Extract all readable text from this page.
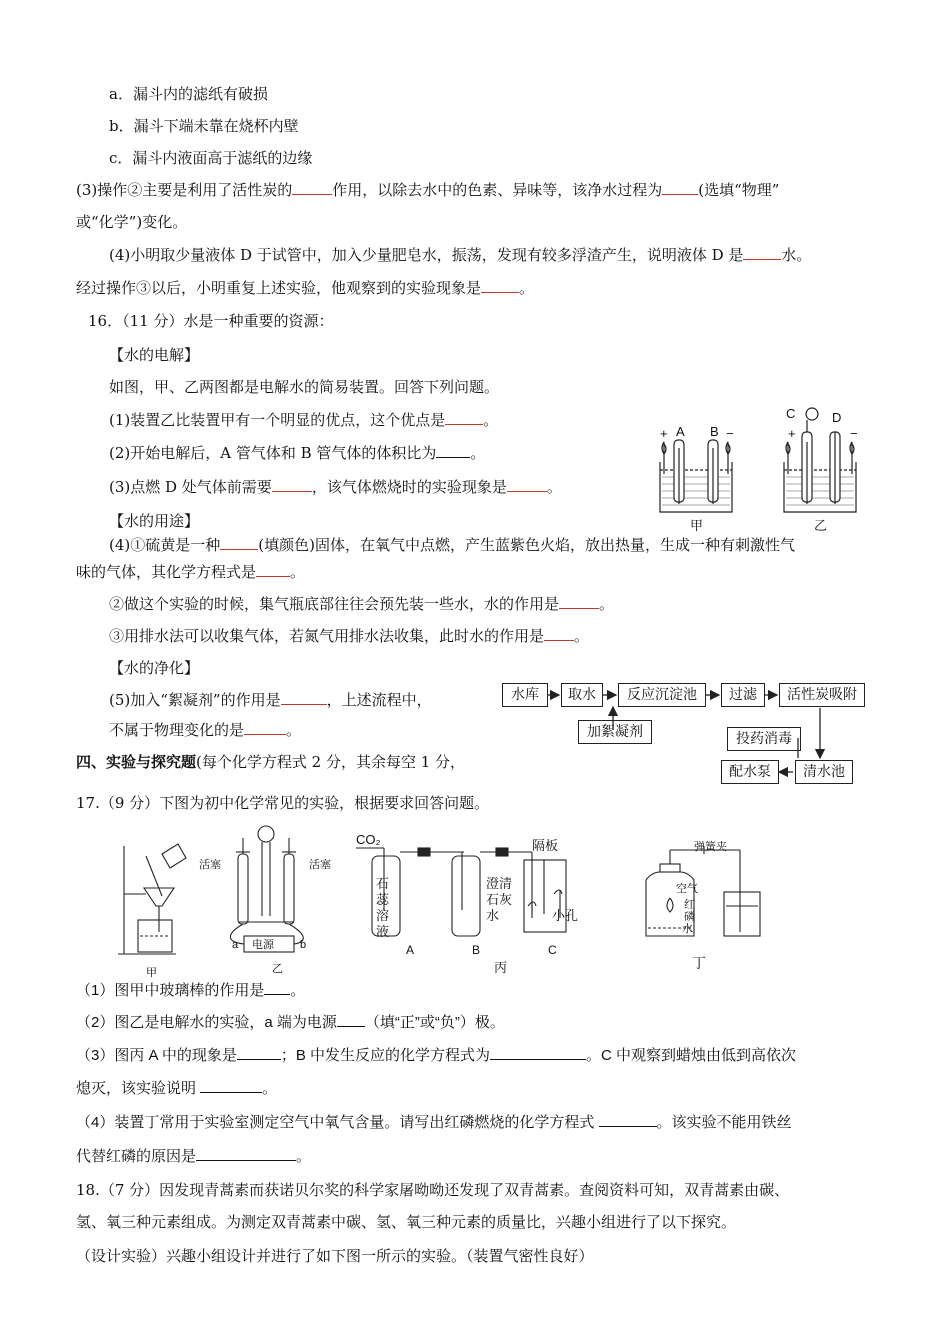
a．漏斗内的滤纸有破损
b．漏斗下端未靠在烧杯内壁
c．漏斗内液面高于滤纸的边缘
(3)操作②主要是利用了活性炭的	作用，以除去水中的色素、异味等，该净水过程为 (选填“物理”
或“化学”)变化。
(4)小明取少量液体 D 于试管中，加入少量肥皂水，振荡，发现有较多浮渣产生，说明液体 D 是	水。
经过操作③以后，小明重复上述实验，他观察到的实验现象是	。
16．（11 分）水是一种重要的资源：
【水的电解】
如图，甲、乙两图都是电解水的简易装置。回答下列问题。
(1)装置乙比装置甲有一个明显的优点，这个优点是	。
(2)开始电解后，A 管气体和 B 管气体的体积比为 。
(3)点燃 D 处气体前需要	，该气体燃烧时的实验现象是	。
【水的用途】
(4)①硫黄是一种	(填颜色)固体，在氧气中点燃，产生蓝紫色火焰，放出热量，生成一种有刺激性气
味的气体，其化学方程式是 。
②做这个实验的时候，集气瓶底部往往会预先装一些水，水的作用是	。
③用排水法可以收集气体，若氮气用排水法收集，此时水的作用是 。
【水的净化】
(5)加入“絮凝剂”的作用是	，上述流程中，
不属于物理变化的是	。
四、实验与探究题(每个化学方程式 2 分，其余每空 1 分，
17.（9 分）下图为初中化学常见的实验，根据要求回答问题。
（1）图甲中玻璃棒的作用是 。
（2）图乙是电解水的实验，a 端为电源 （填“正”或“负”）极。
（3）图丙 A 中的现象是	；B 中发生反应的化学方程式为	。C 中观察到蜡烛由低到高依次
熄灭，该实验说明	。
（4）装置丁常用于实验室测定空气中氧气含量。请写出红磷燃烧的化学方程式	。该实验不能用铁丝
代替红磷的原因是	。
18.（7 分）因发现青蒿素而获诺贝尔奖的科学家屠呦呦还发现了双青蒿素。查阅资料可知，双青蒿素由碳、
氢、氧三种元素组成。为测定双青蒿素中碳、氢、氧三种元素的质量比，兴趣小组进行了以下探究。
（设计实验）兴趣小组设计并进行了如下图一所示的实验。（装置气密性良好）
+ A B −	+
C	D
−
甲	乙
水库	取水	反应沉淀池	过滤	活性炭吸附
加絮凝剂	投药消毒
配水泵	清水池
甲
活塞	活塞
电源
a	b
乙
CO₂	隔板
石
蕊
溶
液
澄清
石灰
水	小孔
A	B	C
丙
弹簧夹
空气
红
磷
水
丁
